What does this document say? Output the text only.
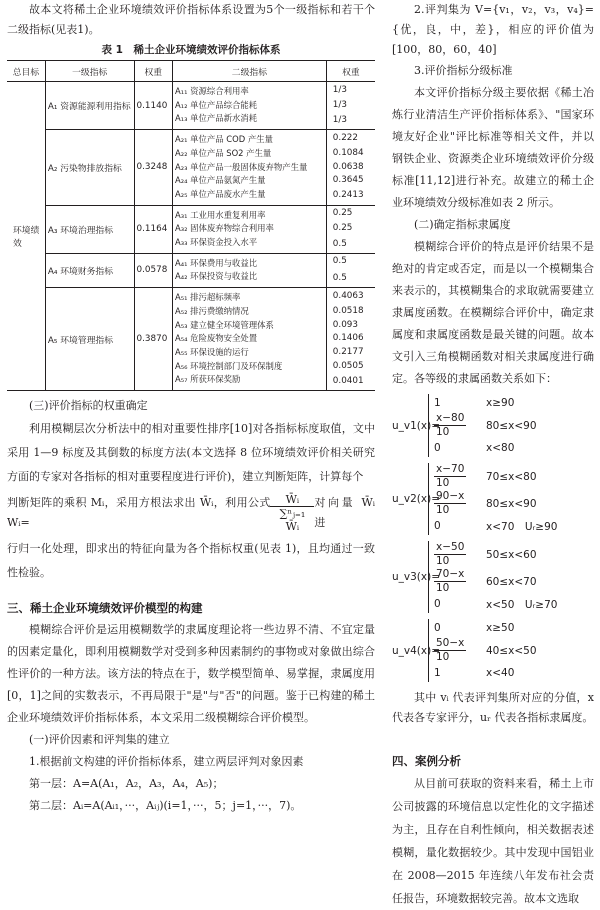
故本文将稀土企业环境绩效评价指标体系设置为5个一级指标和若干个二级指标(见表1)。

表 1　稀土企业环境绩效评价指标体系

总目标	一级指标	权重	二级指标	权重
环境绩效	A₁ 资源能源利用指标	0.1140	A₁₁ 资源综合利用率	1/3
			A₁₂ 单位产品综合能耗	1/3
			A₁₃ 单位产品新水消耗	1/3
	A₂ 污染物排放指标	0.3248	A₂₁ 单位产品 COD 产生量	0.222
			A₂₂ 单位产品 SO2 产生量	0.1084
			A₂₃ 单位产品一般固体废弃物产生量	0.0638
			A₂₄ 单位产品氨氮产生量	0.3645
			A₂₅ 单位产品废水产生量	0.2413
	A₃ 环境治理指标	0.1164	A₃₁ 工业用水重复利用率	0.25
			A₃₂ 固体废弃物综合利用率	0.25
			A₃₃ 环保资金投入水平	0.5
	A₄ 环境财务指标	0.0578	A₄₁ 环保费用与收益比	0.5
			A₄₂ 环保投资与收益比	0.5
	A₅ 环境管理指标	0.3870	A₅₁ 排污超标频率	0.4063
			A₅₂ 排污费缴纳情况	0.0518
			A₅₃ 建立健全环境管理体系	0.093
			A₅₄ 危险废物安全处置	0.1406
			A₅₅ 环保设施的运行	0.2177
			A₅₆ 环境控制部门及环保制度	0.0505
			A₅₇ 所获环保奖励	0.0401

(三)评价指标的权重确定

利用模糊层次分析法中的相对重要性排序[10]对各指标标度取值，文中采用 1—9 标度及其倒数的标度方法(本文选择 8 位环境绩效评价相关研究方面的专家对各指标的相对重要程度进行评价)，建立判断矩阵，计算每个

判断矩阵的乘积 Mᵢ，采用方根法求出 W̄ᵢ，利用公式 Wᵢ=	$\frac{\text{W̄ᵢ}}{\text{∑ⁿⱼ₌₁ W̄ᵢ}}$ 对向量 W̄ᵢ 进

行归一化处理，即求出的特征向量为各个指标权重(见表 1)，且均通过一致性检验。

三、稀土企业环境绩效评价模型的构建

模糊综合评价是运用模糊数学的隶属度理论将一些边界不清、不宜定量的因素定量化，即利用模糊数学对受到多种因素制约的事物或对象做出综合性评价的一种方法。该方法的特点在于，数学模型简单、易掌握，隶属度用[0，1]之间的实数表示，不再局限于"是"与"否"的问题。鉴于已构建的稀土企业环境绩效评价指标体系，本文采用二级模糊综合评价模型。

(一)评价因素和评判集的建立

1.根据前文构建的评价指标体系，建立两层评判对象因素

第一层：A=A(A₁，A₂，A₃，A₄，A₅)；

第二层：Aᵢ=A(Aᵢ₁，···，Aᵢⱼ)(i=1，···，5；j=1，···，7)。

2.评判集为 V={v₁，v₂，v₃，v₄}={优，良，中，差}，相应的评价值为[100，80，60，40]

3.评价指标分级标准

本文评价指标分级主要依据《稀土冶炼行业清洁生产评价指标体系》、"国家环境友好企业"评比标准等相关文件，并以钢铁企业、资源类企业环境绩效评价分级标准[11,12]进行补充。故建立的稀土企业环境绩效分级标准如表 2 所示。

(二)确定指标隶属度

模糊综合评价的特点是评价结果不是绝对的肯定或否定，而是以一个模糊集合来表示的，其模糊集合的求取就需要建立隶属度函数。在模糊综合评价中，确定隶属度和隶属度函数是最关键的问题。故本文引入三角模糊函数对相关隶属度进行确定。各等级的隶属函数关系如下：

u_v1(x)=
1	x≥90
$\frac{x-80}{10} 80\le x<90$
0	x<80
u_v2(x)=
$\frac{x-70}{10} 70\le x<80$
$\frac{90-x}{10} 80\le x<90$
0	x<70　Uᵣ≥90
u_v3(x)=
$\frac{x-50}{10} 50\le x<60$
$\frac{70-x}{10} 60\le x<70$
0	x<50　Uᵣ≥70
u_v4(x)=
0	x≥50
$\frac{50-x}{10} 40\le x<50$
1	x<40

其中 vᵢ 代表评判集所对应的分值，x代表各专家评分，uᵣ 代表各指标隶属度。

四、案例分析

从目前可获取的资料来看，稀土上市公司披露的环境信息以定性化的文字描述为主，且存在自利性倾向，相关数据表述模糊，量化数据较少。其中发现中国铝业在 2008—2015 年连续八年发布社会责任报告，环境数据较完善。故本文选取
